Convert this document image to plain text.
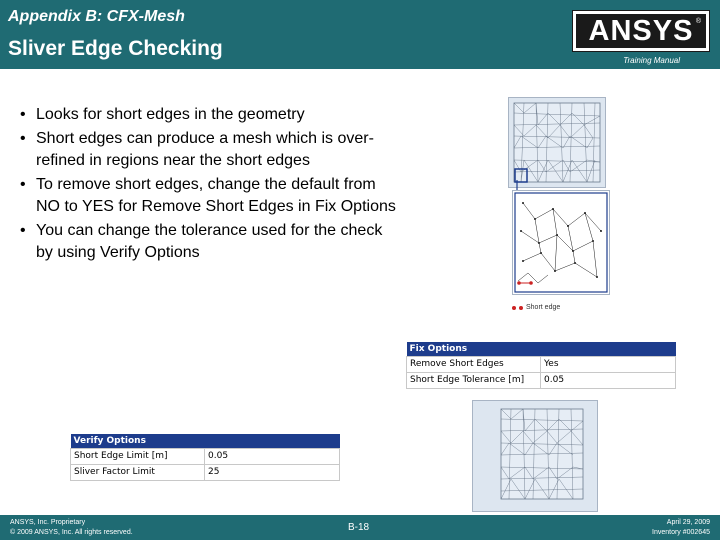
Appendix B: CFX-Mesh
Sliver Edge Checking
ANSYS ®
Training Manual
• Looks for short edges in the geometry
• Short edges can produce a mesh which is over-refined in regions near the short edges
• To remove short edges, change the default from NO to YES for Remove Short Edges in Fix Options
• You can change the tolerance used for the check by using Verify Options
Short edge
Fix Options	
Remove Short Edges	Yes
Short Edge Tolerance [m]	0.05
Verify Options	
Short Edge Limit [m]	0.05
Sliver Factor Limit	25
ANSYS, Inc. Proprietary
© 2009 ANSYS, Inc. All rights reserved.	B-18	April 29, 2009
Inventory #002645
